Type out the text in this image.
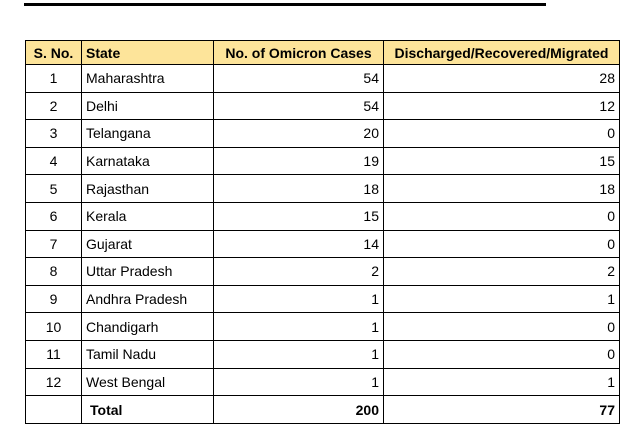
S. No.	State	No. of Omicron Cases	Discharged/Recovered/Migrated
1	Maharashtra	54	28
2	Delhi	54	12
3	Telangana	20	0
4	Karnataka	19	15
5	Rajasthan	18	18
6	Kerala	15	0
7	Gujarat	14	0
8	Uttar Pradesh	2	2
9	Andhra Pradesh	1	1
10	Chandigarh	1	0
11	Tamil Nadu	1	0
12	West Bengal	1	1
	Total	200	77
